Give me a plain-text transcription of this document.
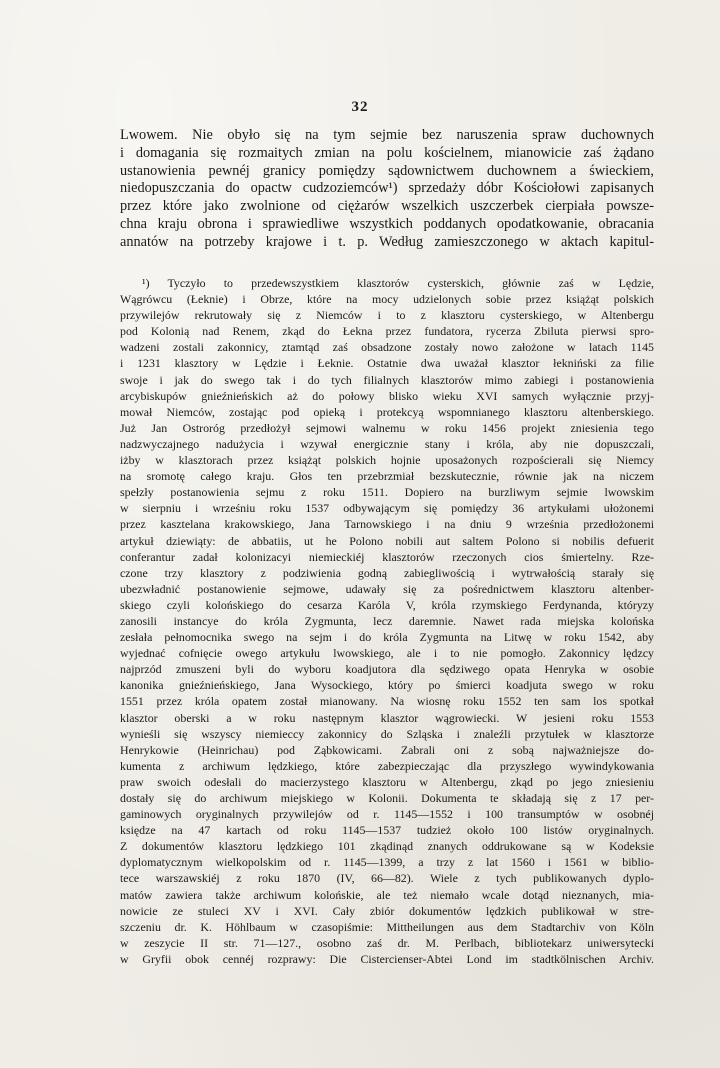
32
Lwowem. Nie obyło się na tym sejmie bez naruszenia spraw duchownych
i domagania się rozmaitych zmian na polu kościelnem, mianowicie zaś żądano
ustanowienia pewnéj granicy pomiędzy sądownictwem duchownem a świeckiem,
niedopuszczania do opactw cudzoziemców¹) sprzedaży dóbr Kościołowi zapisanych
przez które jako zwolnione od ciężarów wszelkich uszczerbek cierpiała powsze-
chna kraju obrona i sprawiedliwe wszystkich poddanych opodatkowanie, obracania
annatów na potrzeby krajowe i t. p. Według zamieszczonego w aktach kapitul-
¹) Tyczyło to przedewszystkiem klasztorów cysterskich, głównie zaś w Lędzie,
Wągrówcu (Łeknie) i Obrze, które na mocy udzielonych sobie przez książąt polskich
przywilejów rekrutowały się z Niemców i to z klasztoru cysterskiego, w Altenbergu
pod Kolonią nad Renem, zkąd do Łekna przez fundatora, rycerza Zbiluta pierwsi spro-
wadzeni zostali zakonnicy, ztamtąd zaś obsadzone zostały nowo założone w latach 1145
i 1231 klasztory w Lędzie i Łeknie. Ostatnie dwa uważał klasztor łekniński za filie
swoje i jak do swego tak i do tych filialnych klasztorów mimo zabiegi i postanowienia
arcybiskupów gnieźnieńskich aż do połowy blisko wieku XVI samych wyłącznie przyj-
mował Niemców, zostając pod opieką i protekcyą wspomnianego klasztoru altenberskiego.
Już Jan Ostroróg przedłożył sejmowi walnemu w roku 1456 projekt zniesienia tego
nadzwyczajnego nadużycia i wzywał energicznie stany i króla, aby nie dopuszczali,
iżby w klasztorach przez książąt polskich hojnie uposażonych rozpościerali się Niemcy
na sromotę całego kraju. Głos ten przebrzmiał bezskutecznie, równie jak na niczem
spełzły postanowienia sejmu z roku 1511. Dopiero na burzliwym sejmie lwowskim
w sierpniu i wrześniu roku 1537 odbywającym się pomiędzy 36 artykułami ułożonemi
przez kasztelana krakowskiego, Jana Tarnowskiego i na dniu 9 września przedłożonemi
artykuł dziewiąty: de abbatiis, ut he Polono nobili aut saltem Polono si nobilis defuerit
conferantur zadał kolonizacyi niemieckiéj klasztorów rzeczonych cios śmiertelny. Rze-
czone trzy klasztory z podziwienia godną zabiegliwością i wytrwałością starały się
ubezwładnić postanowienie sejmowe, udawały się za pośrednictwem klasztoru altenber-
skiego czyli kolońskiego do cesarza Karóla V, króla rzymskiego Ferdynanda, któryzy
zanosili instancye do króla Zygmunta, lecz daremnie. Nawet rada miejska kolońska
zesłała pełnomocnika swego na sejm i do króla Zygmunta na Litwę w roku 1542, aby
wyjednać cofnięcie owego artykułu lwowskiego, ale i to nie pomogło. Zakonnicy lędzcy
najprzód zmuszeni byli do wyboru koadjutora dla sędziwego opata Henryka w osobie
kanonika gnieźnieńskiego, Jana Wysockiego, który po śmierci koadjuta swego w roku
1551 przez króla opatem został mianowany. Na wiosnę roku 1552 ten sam los spotkał
klasztor oberski a w roku następnym klasztor wągrowiecki. W jesieni roku 1553
wynieśli się wszyscy niemieccy zakonnicy do Szląska i znaleźli przytułek w klasztorze
Henrykowie (Heinrichau) pod Ząbkowicami. Zabrali oni z sobą najważniejsze do-
kumenta z archiwum lędzkiego, które zabezpieczając dla przyszłego wywindykowania
praw swoich odesłali do macierzystego klasztoru w Altenbergu, zkąd po jego zniesieniu
dostały się do archiwum miejskiego w Kolonii. Dokumenta te składają się z 17 per-
gaminowych oryginalnych przywilejów od r. 1145—1552 i 100 transumptów w osobnéj
księdze na 47 kartach od roku 1145—1537 tudzież około 100 listów oryginalnych.
Z dokumentów klasztoru lędzkiego 101 zkądinąd znanych oddrukowane są w Kodeksie
dyplomatycznym wielkopolskim od r. 1145—1399, a trzy z lat 1560 i 1561 w biblio-
tece warszawskiéj z roku 1870 (IV, 66—82). Wiele z tych publikowanych dyplo-
matów zawiera także archiwum kolońskie, ale też niemało wcale dotąd nieznanych, mia-
nowicie ze stuleci XV i XVI. Cały zbiór dokumentów lędzkich publikował w stre-
szczeniu dr. K. Höhlbaum w czasopiśmie: Mittheilungen aus dem Stadtarchiv von Köln
w zeszycie II str. 71—127., osobno zaś dr. M. Perlbach, bibliotekarz uniwersytecki
w Gryfii obok cennéj rozprawy: Die Cistercienser-Abtei Lond im stadtkölnischen Archiv.
